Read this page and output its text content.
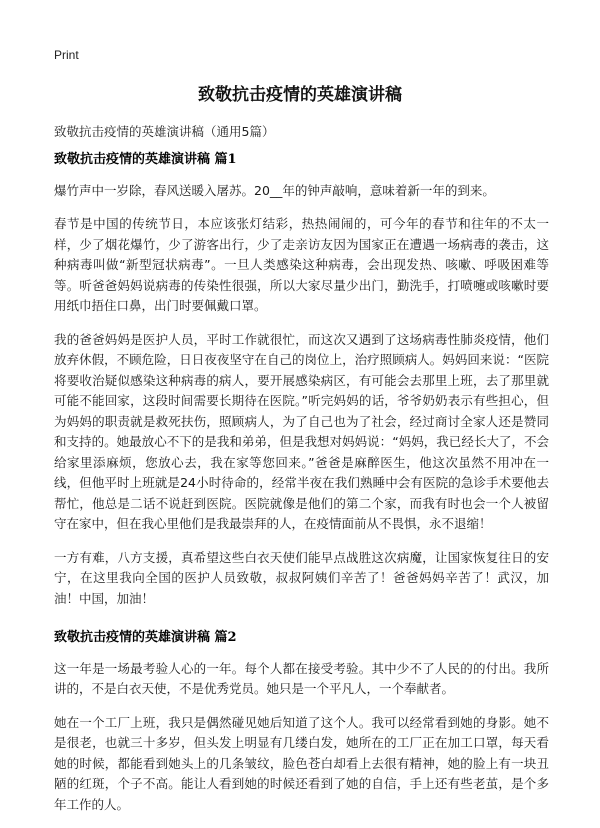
Print
致敬抗击疫情的英雄演讲稿
致敬抗击疫情的英雄演讲稿（通用5篇）
致敬抗击疫情的英雄演讲稿 篇1

爆竹声中一岁除，春风送暖入屠苏。20__年的钟声敲响，意味着新一年的到来。

春节是中国的传统节日，本应该张灯结彩，热热闹闹的，可今年的春节和往年的不太一样，少了烟花爆竹，少了游客出行，少了走亲访友因为国家正在遭遇一场病毒的袭击，这种病毒叫做“新型冠状病毒”。一旦人类感染这种病毒，会出现发热、咳嗽、呼吸困难等等。听爸爸妈妈说病毒的传染性很强，所以大家尽量少出门，勤洗手，打喷嚏或咳嗽时要用纸巾捂住口鼻，出门时要佩戴口罩。

我的爸爸妈妈是医护人员，平时工作就很忙，而这次又遇到了这场病毒性肺炎疫情，他们放弃休假，不顾危险，日日夜夜坚守在自己的岗位上，治疗照顾病人。妈妈回来说：“医院将要收治疑似感染这种病毒的病人，要开展感染病区，有可能会去那里上班，去了那里就可能不能回家，这段时间需要长期待在医院。”听完妈妈的话，爷爷奶奶表示有些担心，但为妈妈的职责就是救死扶伤，照顾病人，为了自己也为了社会，经过商讨全家人还是赞同和支持的。她最放心不下的是我和弟弟，但是我想对妈妈说：“妈妈，我已经长大了，不会给家里添麻烦，您放心去，我在家等您回来。”爸爸是麻醉医生，他这次虽然不用冲在一线，但他平时上班就是24小时待命的，经常半夜在我们熟睡中会有医院的急诊手术要他去帮忙，他总是二话不说赶到医院。医院就像是他们的第二个家，而我有时也会一个人被留守在家中，但在我心里他们是我最崇拜的人，在疫情面前从不畏惧，永不退缩！

一方有难，八方支援，真希望这些白衣天使们能早点战胜这次病魔，让国家恢复往日的安宁，在这里我向全国的医护人员致敬，叔叔阿姨们辛苦了！爸爸妈妈辛苦了！武汉，加油！中国，加油！

致敬抗击疫情的英雄演讲稿 篇2

这一年是一场最考验人心的一年。每个人都在接受考验。其中少不了人民的的付出。我所讲的，不是白衣天使，不是优秀党员。她只是一个平凡人，一个奉献者。

她在一个工厂上班，我只是偶然碰见她后知道了这个人。我可以经常看到她的身影。她不是很老，也就三十多岁，但头发上明显有几缕白发，她所在的工厂正在加工口罩，每天看她的时候，都能看到她头上的几条皱纹，脸色苍白却看上去很有精神，她的脸上有一块丑陋的红斑，个子不高。能让人看到她的时候还看到了她的自信，手上还有些老茧，是个多年工作的人。
